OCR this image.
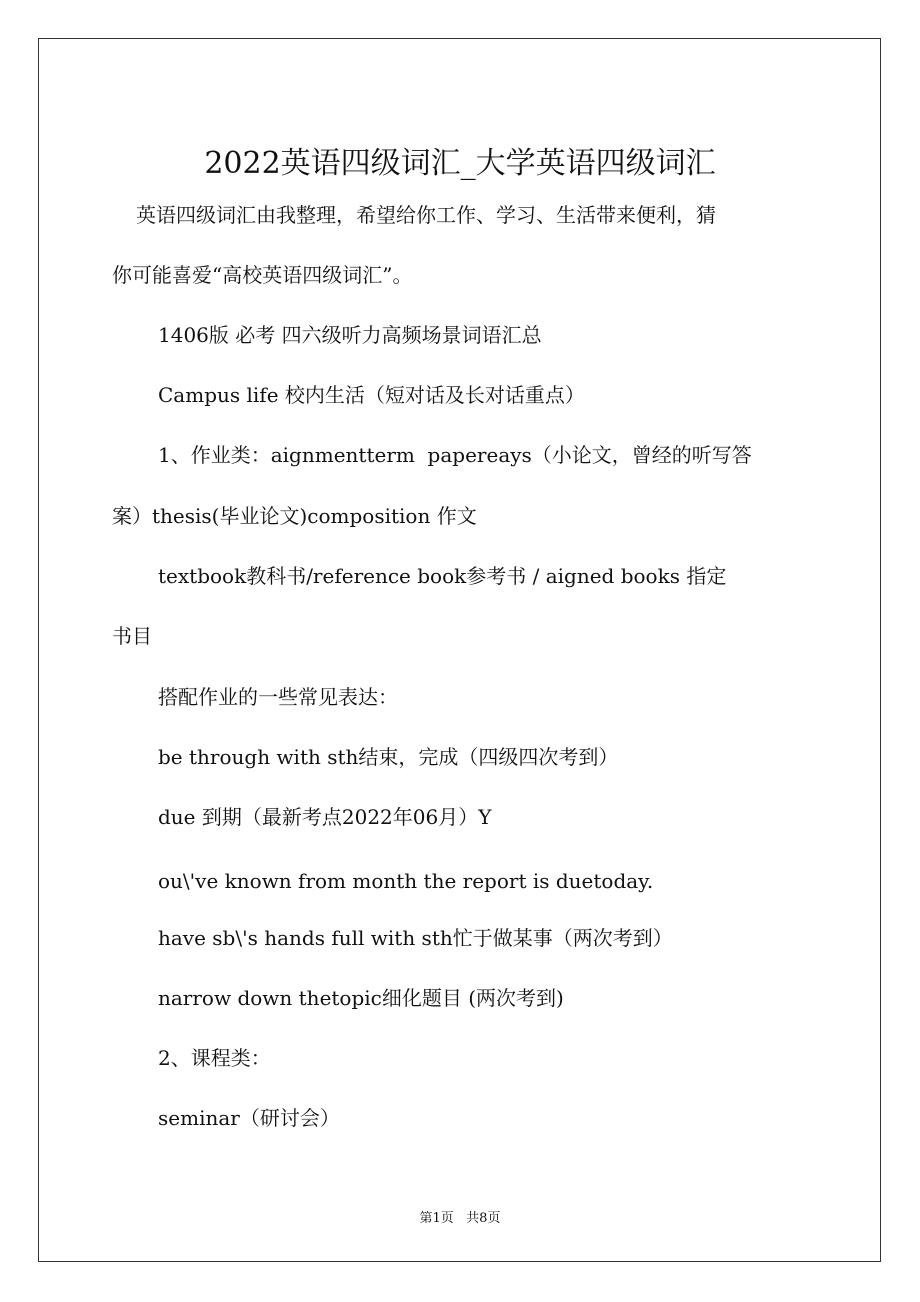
2022英语四级词汇_大学英语四级词汇
英语四级词汇由我整理，希望给你工作、学习、生活带来便利，猜
你可能喜爱“高校英语四级词汇”。
1406版 必考 四六级听力高频场景词语汇总
Campus life 校内生活（短对话及长对话重点）
1、作业类：aignmentterm  papereays（小论文，曾经的听写答
案）thesis(毕业论文)composition 作文
textbook教科书/reference book参考书 / aigned books 指定
书目
搭配作业的一些常见表达：
be through with sth结束，完成（四级四次考到）
due 到期（最新考点2022年06月）Y
ou\'ve known from month the report is duetoday.
have sb\'s hands full with sth忙于做某事（两次考到）
narrow down thetopic细化题目 (两次考到)
2、课程类：
seminar（研讨会）
第1页   共8页
